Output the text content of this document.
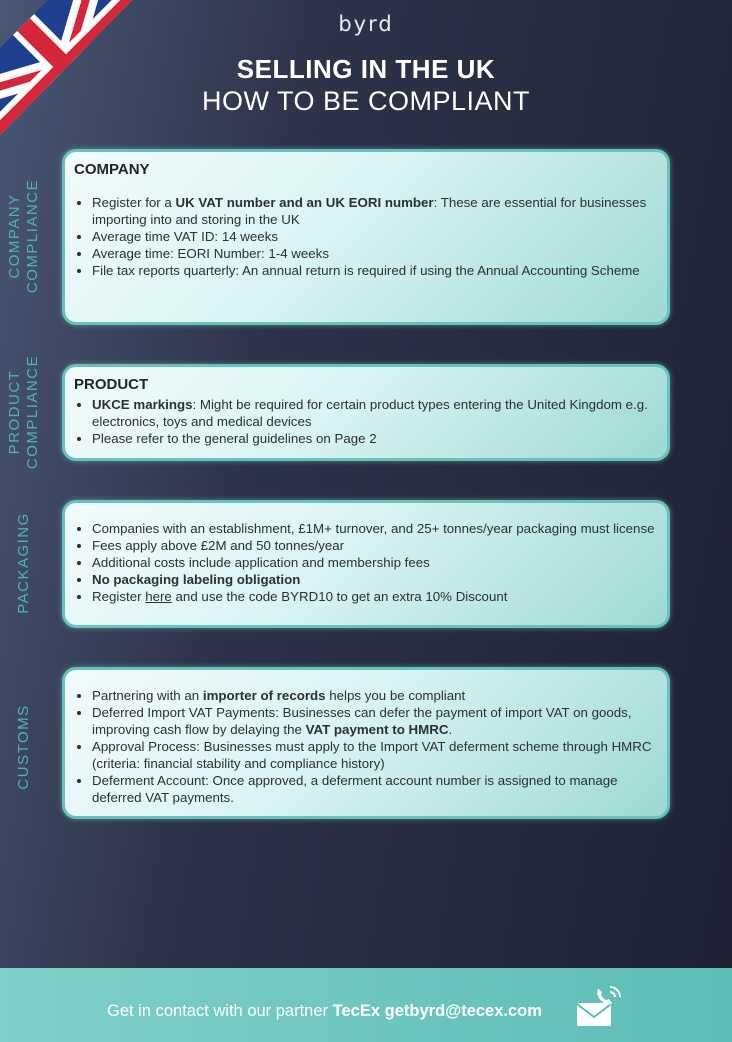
byrd
SELLING IN THE UK
HOW TO BE COMPLIANT
COMPANY COMPLIANCE
PRODUCT COMPLIANCE
PACKAGING
CUSTOMS
COMPANY
• Register for a UK VAT number and an UK EORI number: These are essential for businesses importing into and storing in the UK
• Average time VAT ID: 14 weeks
• Average time: EORI Number: 1-4 weeks
• File tax reports quarterly: An annual return is required if using the Annual Accounting Scheme
PRODUCT
• UKCE markings: Might be required for certain product types entering the United Kingdom e.g. electronics, toys and medical devices
• Please refer to the general guidelines on Page 2
• Companies with an establishment, £1M+ turnover, and 25+ tonnes/year packaging must license
• Fees apply above £2M and 50 tonnes/year
• Additional costs include application and membership fees
• No packaging labeling obligation
• Register here and use the code BYRD10 to get an extra 10% Discount
• Partnering with an importer of records helps you be compliant
• Deferred Import VAT Payments: Businesses can defer the payment of import VAT on goods, improving cash flow by delaying the VAT payment to HMRC.
• Approval Process: Businesses must apply to the Import VAT deferment scheme through HMRC (criteria: financial stability and compliance history)
• Deferment Account: Once approved, a deferment account number is assigned to manage deferred VAT payments.
Get in contact with our partner TecEx getbyrd@tecex.com
